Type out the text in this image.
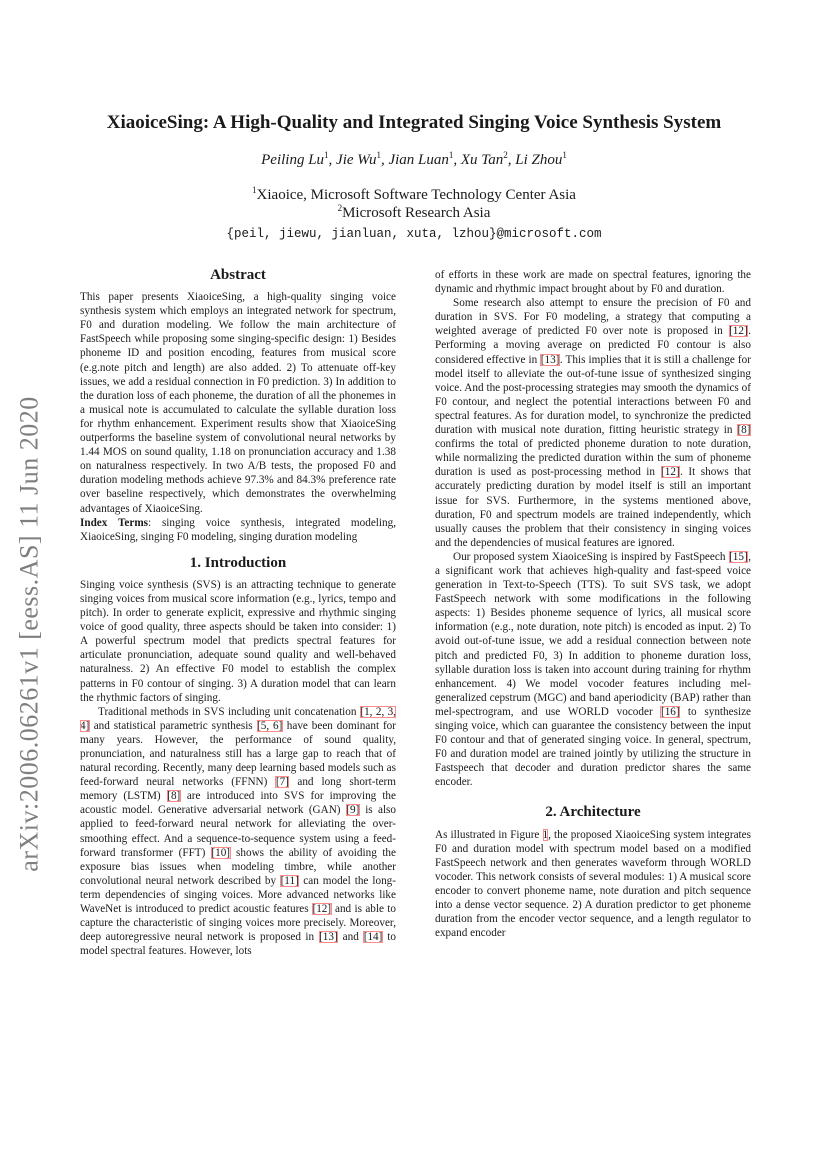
arXiv:2006.06261v1 [eess.AS] 11 Jun 2020
XiaoiceSing: A High-Quality and Integrated Singing Voice Synthesis System
Peiling Lu$^1$, Jie Wu$^1$, Jian Luan$^1$, Xu Tan$^2$, Li Zhou$^1$
$^1$Xiaoice, Microsoft Software Technology Center Asia
$^2$Microsoft Research Asia
{peil, jiewu, jianluan, xuta, lzhou}@microsoft.com
Abstract

This paper presents XiaoiceSing, a high-quality singing voice synthesis system which employs an integrated network for spectrum, F0 and duration modeling. We follow the main architecture of FastSpeech while proposing some singing-specific design: 1) Besides phoneme ID and position encoding, features from musical score (e.g.note pitch and length) are also added. 2) To attenuate off-key issues, we add a residual connection in F0 prediction. 3) In addition to the duration loss of each phoneme, the duration of all the phonemes in a musical note is accumulated to calculate the syllable duration loss for rhythm enhancement. Experiment results show that XiaoiceSing outperforms the baseline system of convolutional neural networks by 1.44 MOS on sound quality, 1.18 on pronunciation accuracy and 1.38 on naturalness respectively. In two A/B tests, the proposed F0 and duration modeling methods achieve 97.3% and 84.3% preference rate over baseline respectively, which demonstrates the overwhelming advantages of XiaoiceSing.

Index Terms: singing voice synthesis, integrated modeling, XiaoiceSing, singing F0 modeling, singing duration modeling

1. Introduction

Singing voice synthesis (SVS) is an attracting technique to generate singing voices from musical score information (e.g., lyrics, tempo and pitch). In order to generate explicit, expressive and rhythmic singing voice of good quality, three aspects should be taken into consider: 1) A powerful spectrum model that predicts spectral features for articulate pronunciation, adequate sound quality and well-behaved naturalness. 2) An effective F0 model to establish the complex patterns in F0 contour of singing. 3) A duration model that can learn the rhythmic factors of singing.

Traditional methods in SVS including unit concatenation [1, 2, 3, 4] and statistical parametric synthesis [5, 6] have been dominant for many years. However, the performance of sound quality, pronunciation, and naturalness still has a large gap to reach that of natural recording. Recently, many deep learning based models such as feed-forward neural networks (FFNN) [7] and long short-term memory (LSTM) [8] are introduced into SVS for improving the acoustic model. Generative adversarial network (GAN) [9] is also applied to feed-forward neural network for alleviating the over-smoothing effect. And a sequence-to-sequence system using a feed-forward transformer (FFT) [10] shows the ability of avoiding the exposure bias issues when modeling timbre, while another convolutional neural network described by [11] can model the long-term dependencies of singing voices. More advanced networks like WaveNet is introduced to predict acoustic features [12] and is able to capture the characteristic of singing voices more precisely. Moreover, deep autoregressive neural network is proposed in [13] and [14] to model spectral features. However, lots

of efforts in these work are made on spectral features, ignoring the dynamic and rhythmic impact brought about by F0 and duration.

Some research also attempt to ensure the precision of F0 and duration in SVS. For F0 modeling, a strategy that computing a weighted average of predicted F0 over note is proposed in [12]. Performing a moving average on predicted F0 contour is also considered effective in [13]. This implies that it is still a challenge for model itself to alleviate the out-of-tune issue of synthesized singing voice. And the post-processing strategies may smooth the dynamics of F0 contour, and neglect the potential interactions between F0 and spectral features. As for duration model, to synchronize the predicted duration with musical note duration, fitting heuristic strategy in [8] confirms the total of predicted phoneme duration to note duration, while normalizing the predicted duration within the sum of phoneme duration is used as post-processing method in [12]. It shows that accurately predicting duration by model itself is still an important issue for SVS. Furthermore, in the systems mentioned above, duration, F0 and spectrum models are trained independently, which usually causes the problem that their consistency in singing voices and the dependencies of musical features are ignored.

Our proposed system XiaoiceSing is inspired by FastSpeech [15], a significant work that achieves high-quality and fast-speed voice generation in Text-to-Speech (TTS). To suit SVS task, we adopt FastSpeech network with some modifications in the following aspects: 1) Besides phoneme sequence of lyrics, all musical score information (e.g., note duration, note pitch) is encoded as input. 2) To avoid out-of-tune issue, we add a residual connection between note pitch and predicted F0, 3) In addition to phoneme duration loss, syllable duration loss is taken into account during training for rhythm enhancement. 4) We model vocoder features including mel-generalized cepstrum (MGC) and band aperiodicity (BAP) rather than mel-spectrogram, and use WORLD vocoder [16] to synthesize singing voice, which can guarantee the consistency between the input F0 contour and that of generated singing voice. In general, spectrum, F0 and duration model are trained jointly by utilizing the structure in Fastspeech that decoder and duration predictor shares the same encoder.

2. Architecture

As illustrated in Figure 1, the proposed XiaoiceSing system integrates F0 and duration model with spectrum model based on a modified FastSpeech network and then generates waveform through WORLD vocoder. This network consists of several modules: 1) A musical score encoder to convert phoneme name, note duration and pitch sequence into a dense vector sequence. 2) A duration predictor to get phoneme duration from the encoder vector sequence, and a length regulator to expand encoder
